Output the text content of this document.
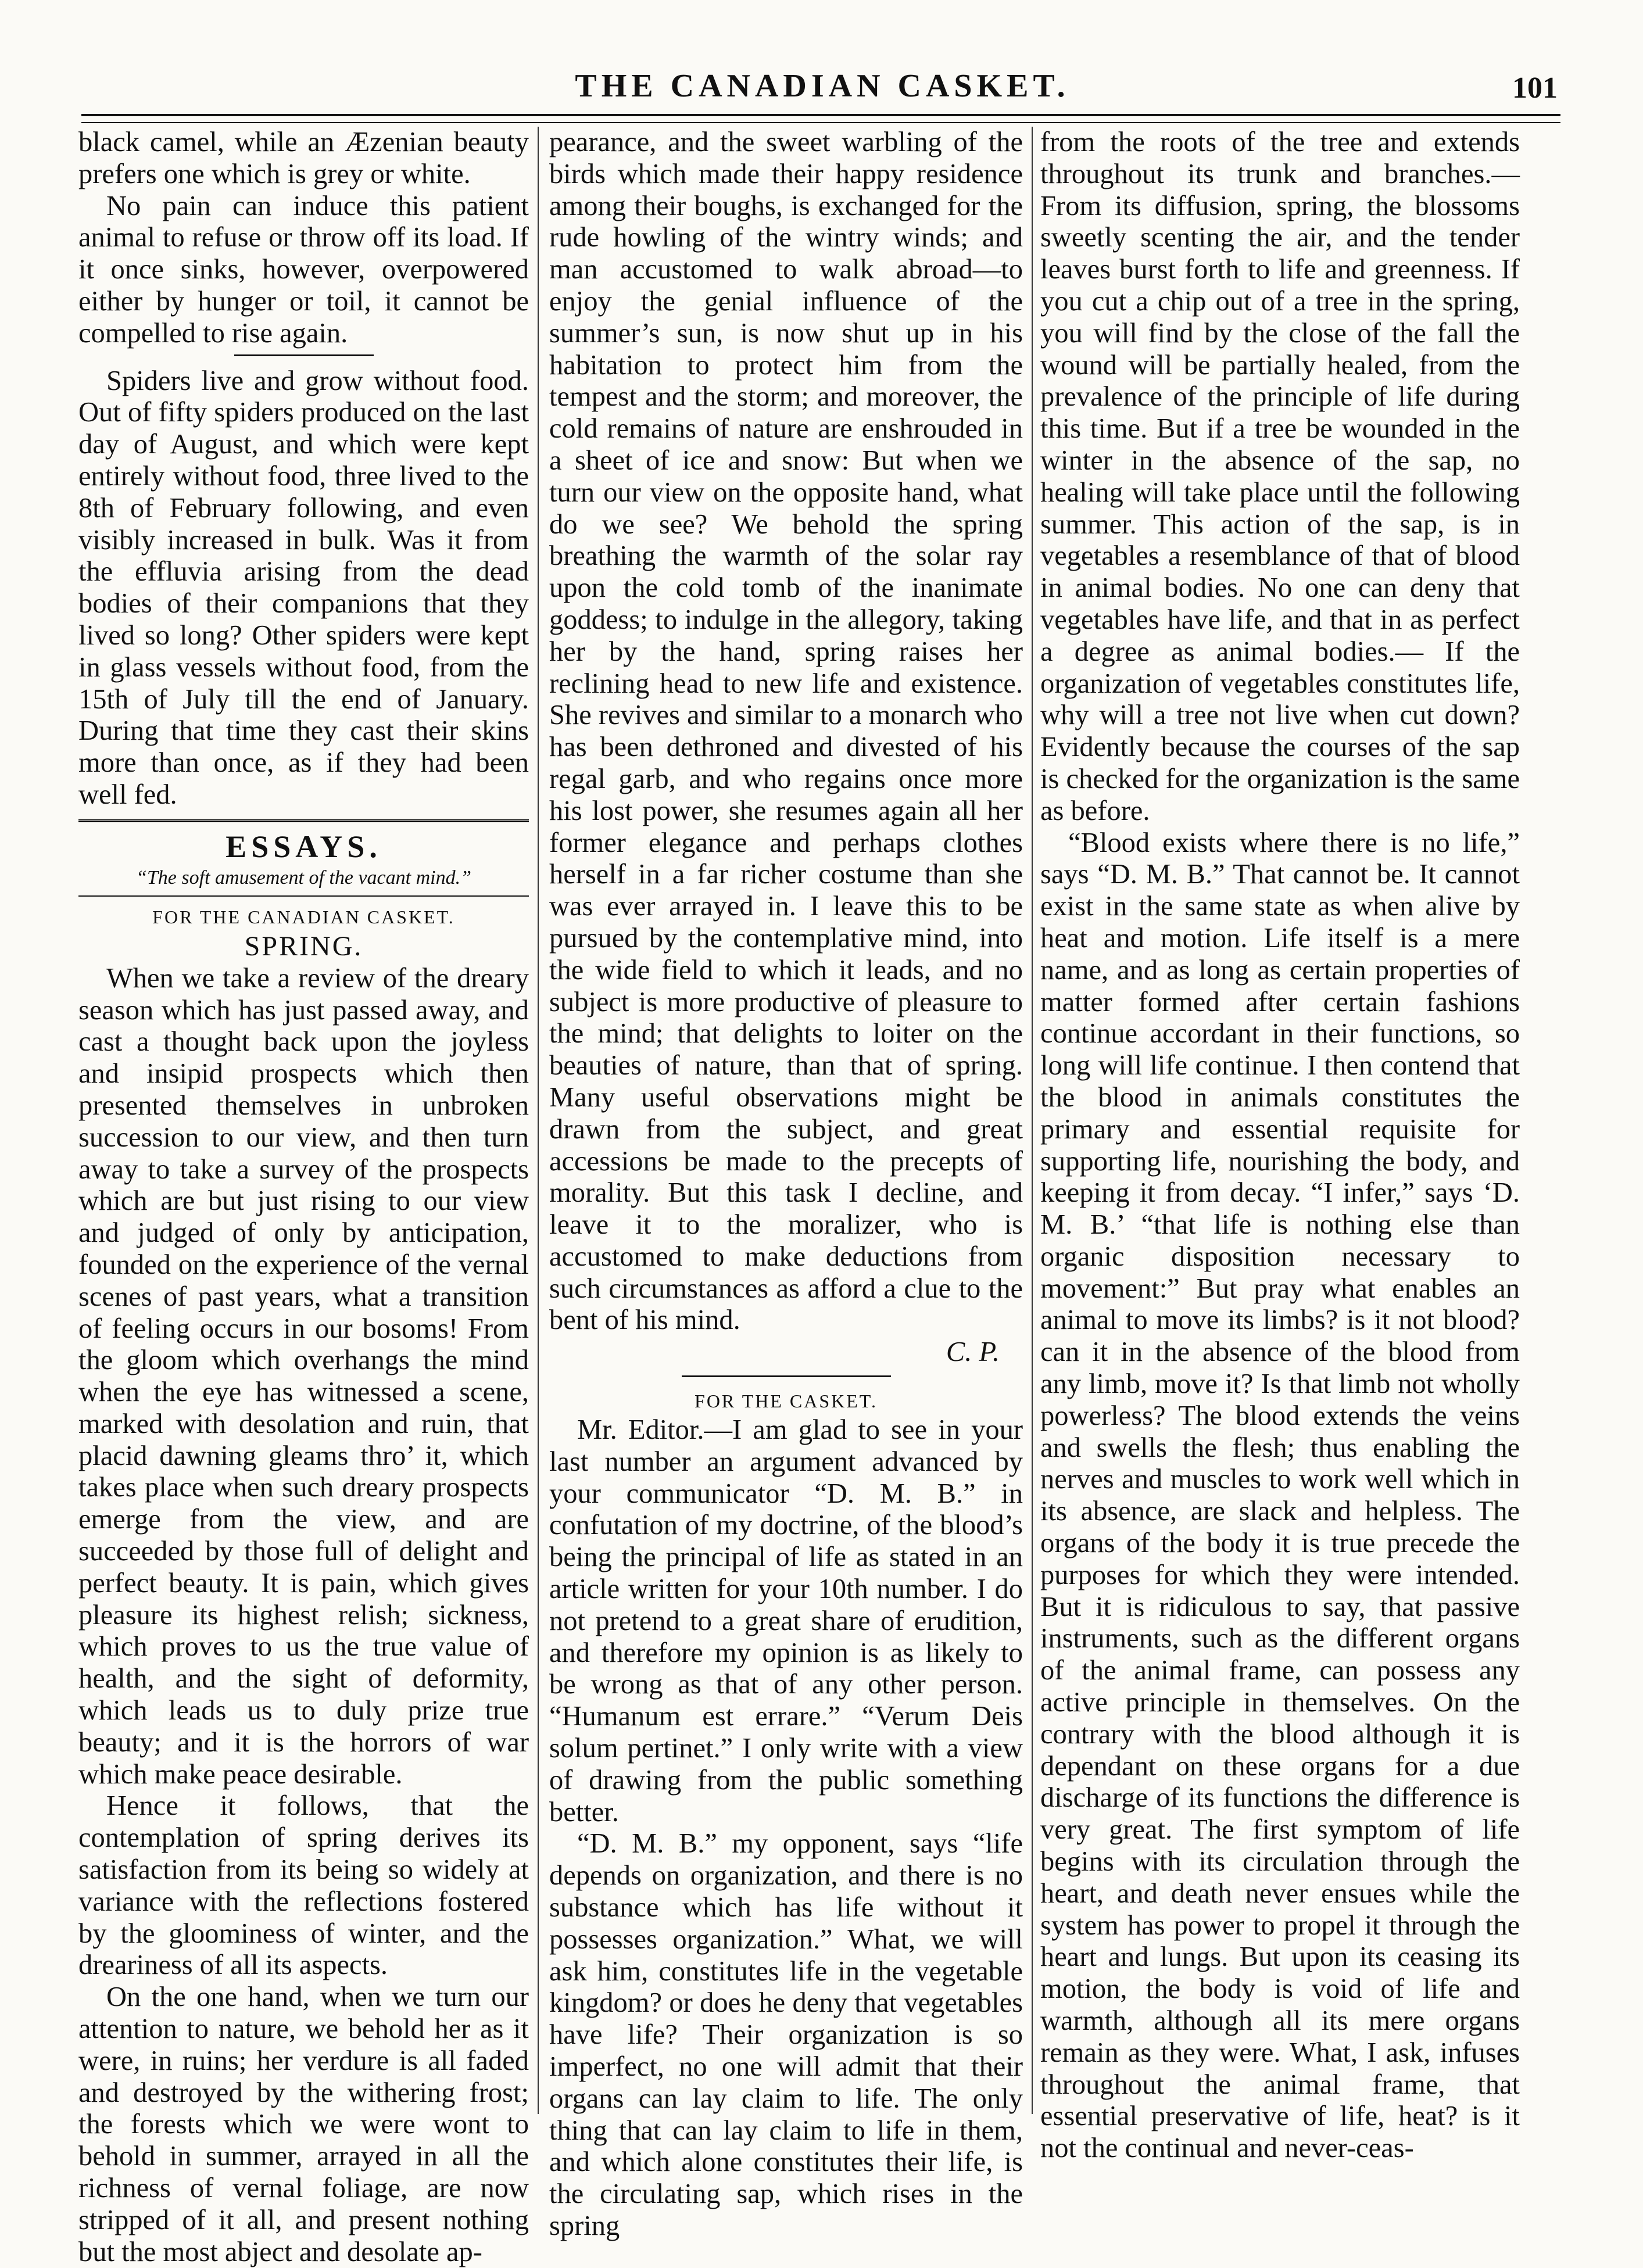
THE CANADIAN CASKET.	101

black camel, while an Æzenian beauty prefers one which is grey or white.

No pain can induce this patient animal to refuse or throw off its load. If it once sinks, however, overpowered either by hunger or toil, it cannot be compelled to rise again.

Spiders live and grow without food. Out of fifty spiders produced on the last day of August, and which were kept entirely without food, three lived to the 8th of February following, and even visibly increased in bulk. Was it from the effluvia arising from the dead bodies of their companions that they lived so long? Other spiders were kept in glass vessels without food, from the 15th of July till the end of January. During that time they cast their skins more than once, as if they had been well fed.

ESSAYS.
“The soft amusement of the vacant mind.”
FOR THE CANADIAN CASKET.
SPRING.

When we take a review of the dreary season which has just passed away, and cast a thought back upon the joyless and insipid prospects which then presented themselves in unbroken succession to our view, and then turn away to take a survey of the prospects which are but just rising to our view and judged of only by anticipation, founded on the experience of the vernal scenes of past years, what a transition of feeling occurs in our bosoms! From the gloom which overhangs the mind when the eye has witnessed a scene, marked with desolation and ruin, that placid dawning gleams thro’ it, which takes place when such dreary prospects emerge from the view, and are succeeded by those full of delight and perfect beauty. It is pain, which gives pleasure its highest relish; sickness, which proves to us the true value of health, and the sight of deformity, which leads us to duly prize true beauty; and it is the horrors of war which make peace desirable.

Hence it follows, that the contemplation of spring derives its satisfaction from its being so widely at variance with the reflections fostered by the gloominess of winter, and the dreariness of all its aspects.

On the one hand, when we turn our attention to nature, we behold her as it were, in ruins; her verdure is all faded and destroyed by the withering frost; the forests which we were wont to behold in summer, arrayed in all the richness of vernal foliage, are now stripped of it all, and present nothing but the most abject and desolate ap-

pearance, and the sweet warbling of the birds which made their happy residence among their boughs, is exchanged for the rude howling of the wintry winds; and man accustomed to walk abroad—to enjoy the genial influence of the summer’s sun, is now shut up in his habitation to protect him from the tempest and the storm; and moreover, the cold remains of nature are enshrouded in a sheet of ice and snow: But when we turn our view on the opposite hand, what do we see? We behold the spring breathing the warmth of the solar ray upon the cold tomb of the inanimate goddess; to indulge in the allegory, taking her by the hand, spring raises her reclining head to new life and existence. She revives and similar to a monarch who has been dethroned and divested of his regal garb, and who regains once more his lost power, she resumes again all her former elegance and perhaps clothes herself in a far richer costume than she was ever arrayed in. I leave this to be pursued by the contemplative mind, into the wide field to which it leads, and no subject is more productive of pleasure to the mind; that delights to loiter on the beauties of nature, than that of spring. Many useful observations might be drawn from the subject, and great accessions be made to the precepts of morality. But this task I decline, and leave it to the moralizer, who is accustomed to make deductions from such circumstances as afford a clue to the bent of his mind.

C. P.

FOR THE CASKET.

Mr. Editor.—I am glad to see in your last number an argument advanced by your communicator “D. M. B.” in confutation of my doctrine, of the blood’s being the principal of life as stated in an article written for your 10th number. I do not pretend to a great share of erudition, and therefore my opinion is as likely to be wrong as that of any other person. “Humanum est errare.” “Verum Deis solum pertinet.” I only write with a view of drawing from the public something better.

“D. M. B.” my opponent, says “life depends on organization, and there is no substance which has life without it possesses organization.” What, we will ask him, constitutes life in the vegetable kingdom? or does he deny that vegetables have life? Their organization is so imperfect, no one will admit that their organs can lay claim to life. The only thing that can lay claim to life in them, and which alone constitutes their life, is the circulating sap, which rises in the spring

from the roots of the tree and extends throughout its trunk and branches.— From its diffusion, spring, the blossoms sweetly scenting the air, and the tender leaves burst forth to life and greenness. If you cut a chip out of a tree in the spring, you will find by the close of the fall the wound will be partially healed, from the prevalence of the principle of life during this time. But if a tree be wounded in the winter in the absence of the sap, no healing will take place until the following summer. This action of the sap, is in vegetables a resemblance of that of blood in animal bodies. No one can deny that vegetables have life, and that in as perfect a degree as animal bodies.— If the organization of vegetables constitutes life, why will a tree not live when cut down? Evidently because the courses of the sap is checked for the organization is the same as before.

“Blood exists where there is no life,” says “D. M. B.” That cannot be. It cannot exist in the same state as when alive by heat and motion. Life itself is a mere name, and as long as certain properties of matter formed after certain fashions continue accordant in their functions, so long will life continue. I then contend that the blood in animals constitutes the primary and essential requisite for supporting life, nourishing the body, and keeping it from decay. “I infer,” says ‘D. M. B.’ “that life is nothing else than organic disposition necessary to movement:” But pray what enables an animal to move its limbs? is it not blood? can it in the absence of the blood from any limb, move it? Is that limb not wholly powerless? The blood extends the veins and swells the flesh; thus enabling the nerves and muscles to work well which in its absence, are slack and helpless. The organs of the body it is true precede the purposes for which they were intended. But it is ridiculous to say, that passive instruments, such as the different organs of the animal frame, can possess any active principle in themselves. On the contrary with the blood although it is dependant on these organs for a due discharge of its functions the difference is very great. The first symptom of life begins with its circulation through the heart, and death never ensues while the system has power to propel it through the heart and lungs. But upon its ceasing its motion, the body is void of life and warmth, although all its mere organs remain as they were. What, I ask, infuses throughout the animal frame, that essential preservative of life, heat? is it not the continual and never-ceas-
